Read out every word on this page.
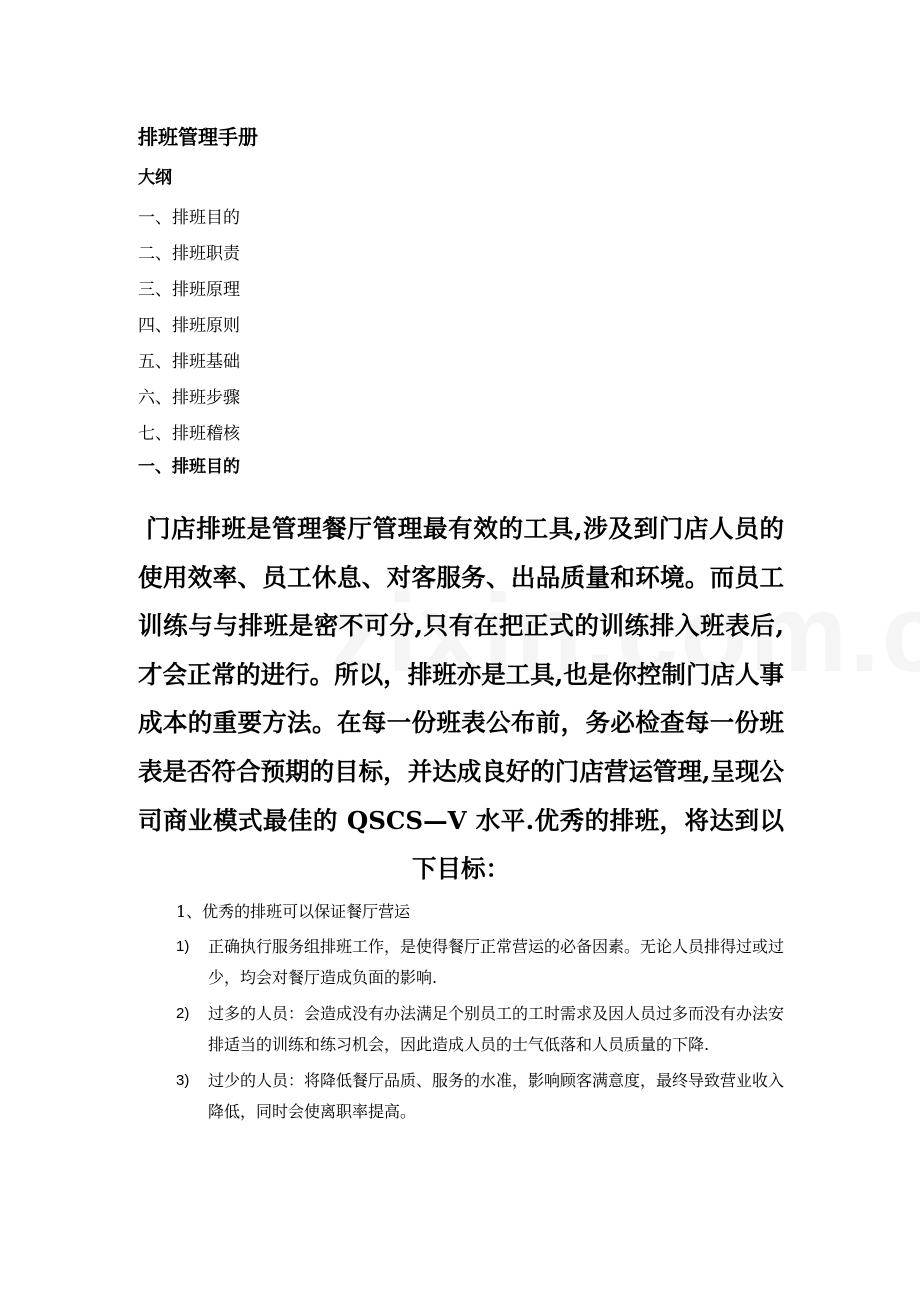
排班管理手册
大纲
一、排班目的
二、排班职责
三、排班原理
四、排班原则
五、排班基础
六、排班步骤
七、排班稽核
一、排班目的

门店排班是管理餐厅管理最有效的工具,涉及到门店人员的使用效率、员工休息、对客服务、出品质量和环境。而员工训练与与排班是密不可分,只有在把正式的训练排入班表后,才会正常的进行。所以，排班亦是工具,也是你控制门店人事成本的重要方法。在每一份班表公布前，务必检查每一份班表是否符合预期的目标，并达成良好的门店营运管理,呈现公司商业模式最佳的 QSCS—V 水平.优秀的排班，将达到以下目标：

1、优秀的排班可以保证餐厅营运
1) 正确执行服务组排班工作，是使得餐厅正常营运的必备因素。无论人员排得过或过少，均会对餐厅造成负面的影响.
2) 过多的人员：会造成没有办法满足个别员工的工时需求及因人员过多而没有办法安排适当的训练和练习机会，因此造成人员的士气低落和人员质量的下降.
3) 过少的人员：将降低餐厅品质、服务的水准，影响顾客满意度，最终导致营业收入降低，同时会使离职率提高。
